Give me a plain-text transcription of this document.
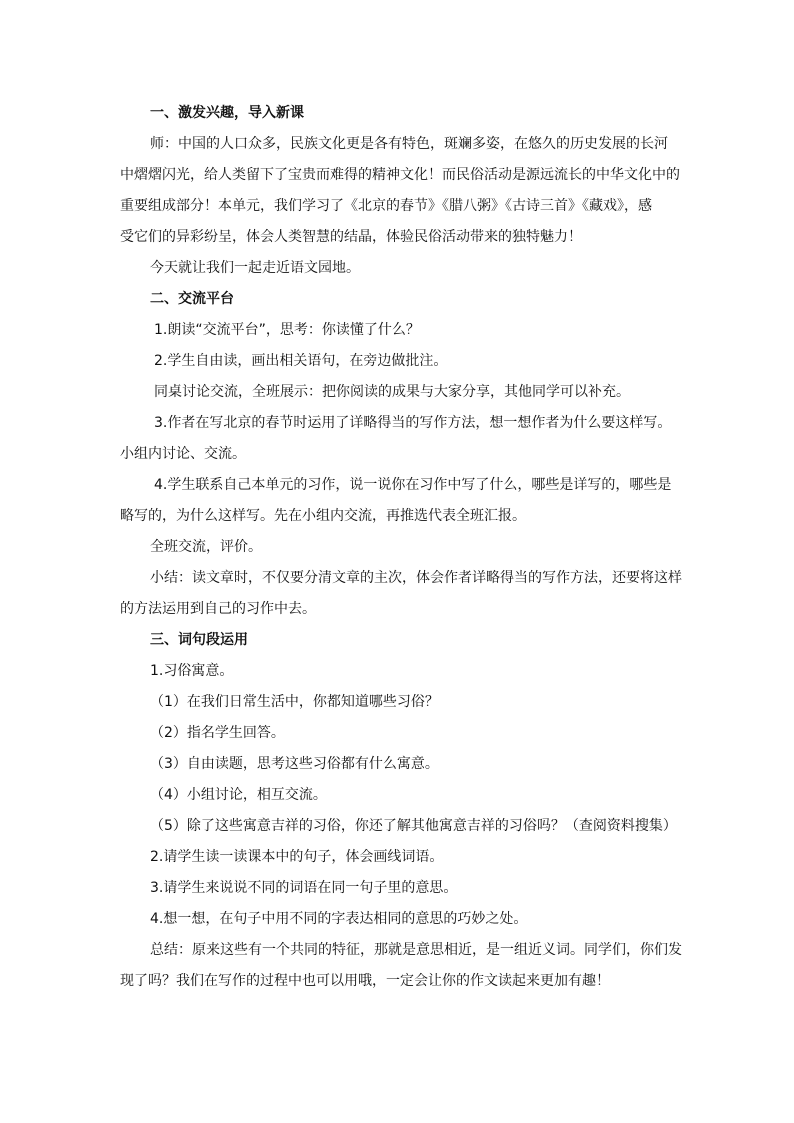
一、激发兴趣，导入新课
师：中国的人口众多，民族文化更是各有特色，斑斓多姿，在悠久的历史发展的长河
中熠熠闪光，给人类留下了宝贵而难得的精神文化！而民俗活动是源远流长的中华文化中的
重要组成部分！本单元，我们学习了《北京的春节》《腊八粥》《古诗三首》《藏戏》，感
受它们的异彩纷呈，体会人类智慧的结晶，体验民俗活动带来的独特魅力！
今天就让我们一起走近语文园地。
二、交流平台
1.朗读“交流平台”，思考：你读懂了什么？
2.学生自由读，画出相关语句，在旁边做批注。
同桌讨论交流，全班展示：把你阅读的成果与大家分享，其他同学可以补充。
3.作者在写北京的春节时运用了详略得当的写作方法，想一想作者为什么要这样写。
小组内讨论、交流。
4.学生联系自己本单元的习作，说一说你在习作中写了什么，哪些是详写的，哪些是
略写的，为什么这样写。先在小组内交流，再推选代表全班汇报。
全班交流，评价。
小结：读文章时，不仅要分清文章的主次，体会作者详略得当的写作方法，还要将这样
的方法运用到自己的习作中去。
三、词句段运用
1.习俗寓意。
（1）在我们日常生活中，你都知道哪些习俗？
（2）指名学生回答。
（3）自由读题，思考这些习俗都有什么寓意。
（4）小组讨论，相互交流。
（5）除了这些寓意吉祥的习俗，你还了解其他寓意吉祥的习俗吗？（查阅资料搜集）
2.请学生读一读课本中的句子，体会画线词语。
3.请学生来说说不同的词语在同一句子里的意思。
4.想一想，在句子中用不同的字表达相同的意思的巧妙之处。
总结：原来这些有一个共同的特征，那就是意思相近，是一组近义词。同学们，你们发
现了吗？我们在写作的过程中也可以用哦，一定会让你的作文读起来更加有趣！
